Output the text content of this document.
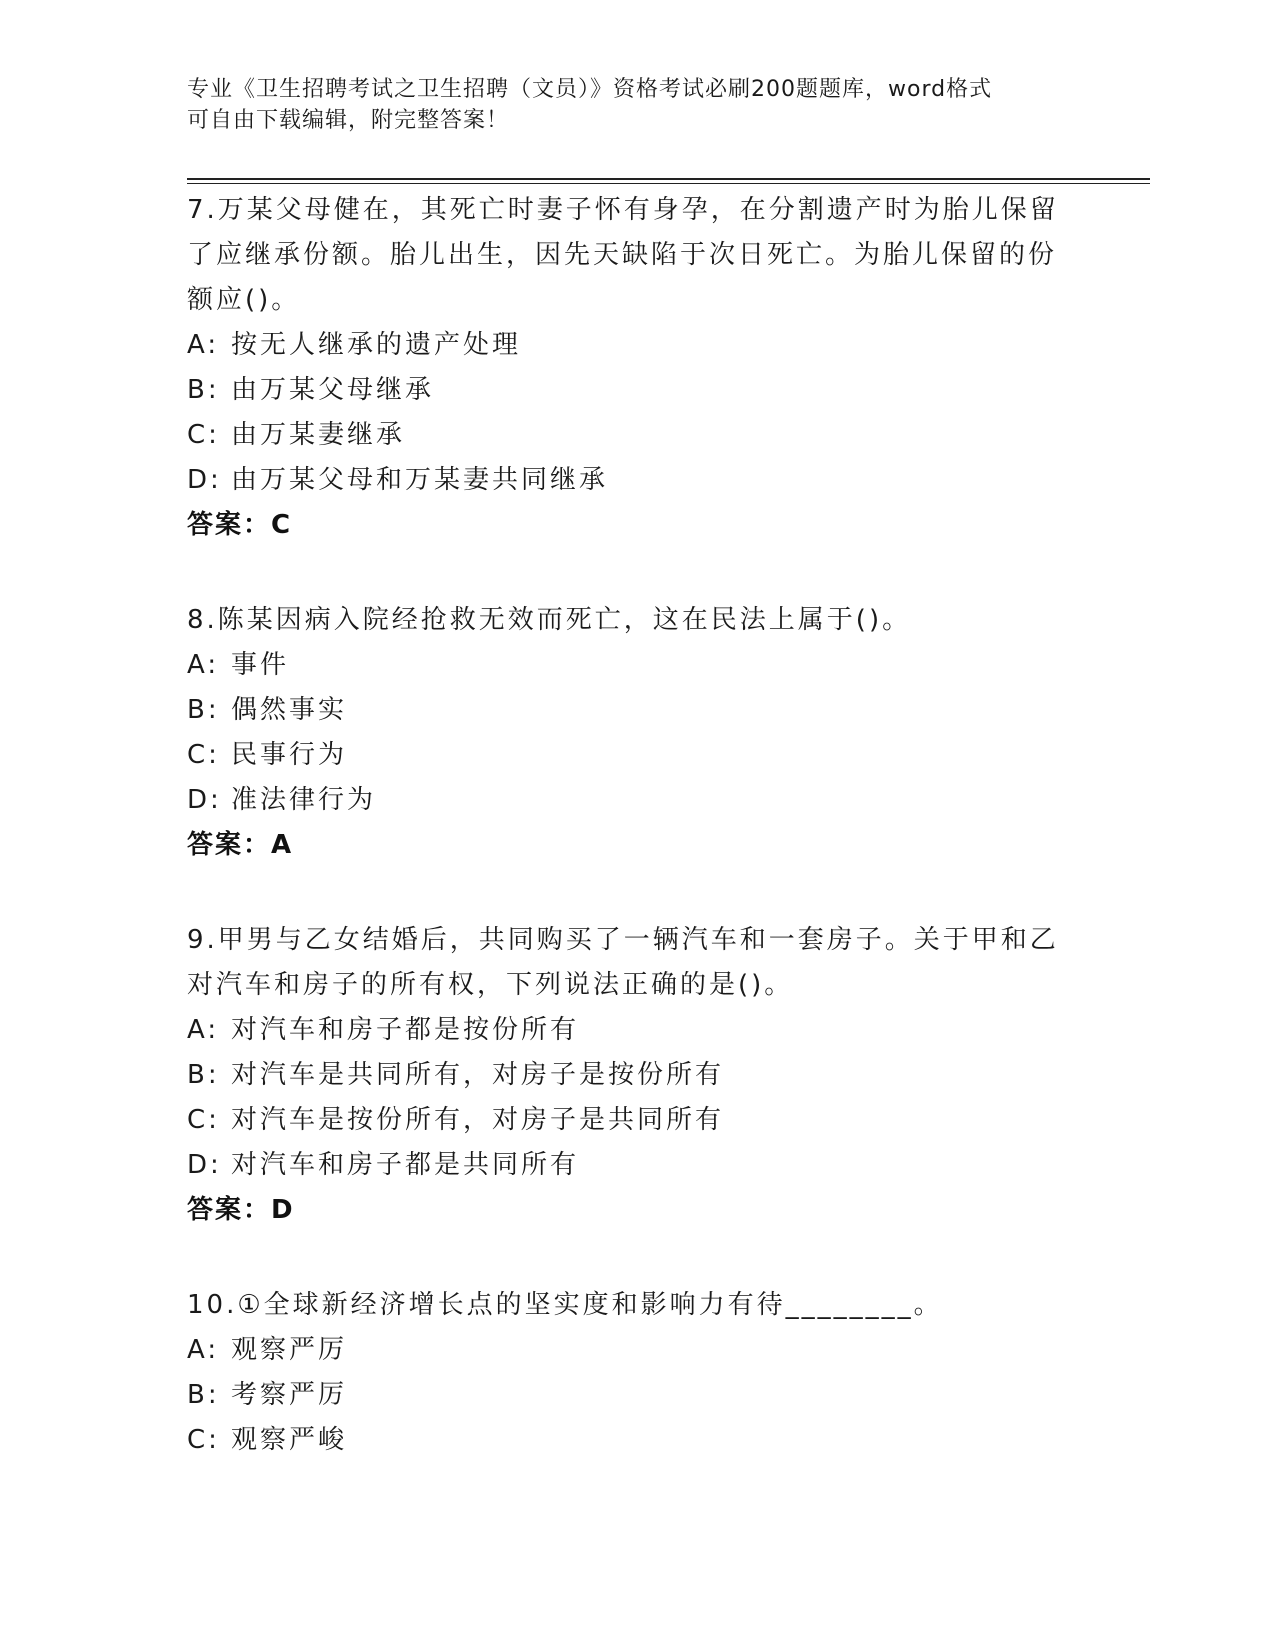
专业《卫生招聘考试之卫生招聘（文员）》资格考试必刷200题题库，word格式
可自由下载编辑，附完整答案！
7.万某父母健在，其死亡时妻子怀有身孕，在分割遗产时为胎儿保留
了应继承份额。胎儿出生，因先天缺陷于次日死亡。为胎儿保留的份
额应()。
A: 按无人继承的遗产处理
B: 由万某父母继承
C: 由万某妻继承
D: 由万某父母和万某妻共同继承
答案：C
8.陈某因病入院经抢救无效而死亡，这在民法上属于()。
A: 事件
B: 偶然事实
C: 民事行为
D: 准法律行为
答案：A
9.甲男与乙女结婚后，共同购买了一辆汽车和一套房子。关于甲和乙
对汽车和房子的所有权，下列说法正确的是()。
A: 对汽车和房子都是按份所有
B: 对汽车是共同所有，对房子是按份所有
C: 对汽车是按份所有，对房子是共同所有
D: 对汽车和房子都是共同所有
答案：D
10.①全球新经济增长点的坚实度和影响力有待________。
A: 观察严厉
B: 考察严厉
C: 观察严峻
